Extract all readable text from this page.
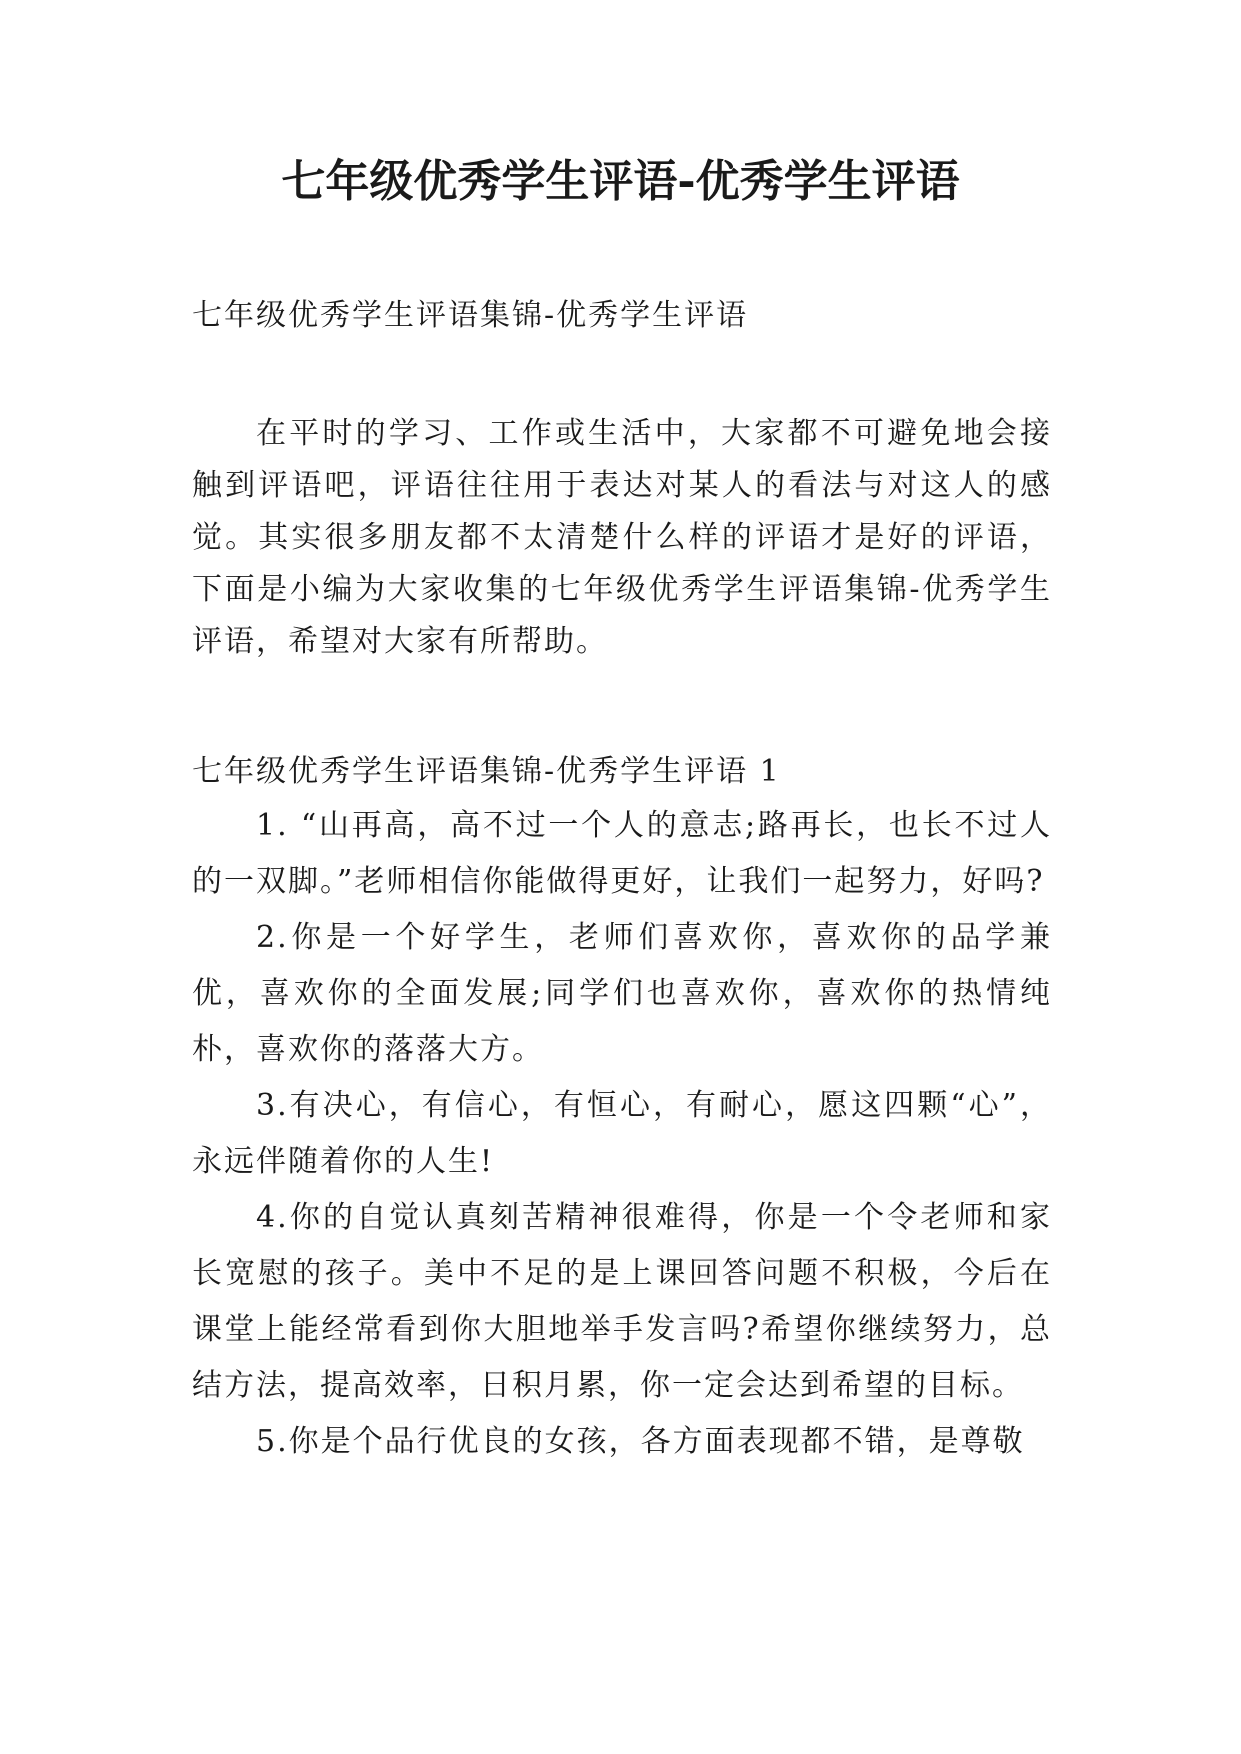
七年级优秀学生评语-优秀学生评语

七年级优秀学生评语集锦-优秀学生评语

在平时的学习、工作或生活中，大家都不可避免地会接触到评语吧，评语往往用于表达对某人的看法与对这人的感觉。其实很多朋友都不太清楚什么样的评语才是好的评语，下面是小编为大家收集的七年级优秀学生评语集锦-优秀学生评语，希望对大家有所帮助。

七年级优秀学生评语集锦-优秀学生评语 1

1. “山再高，高不过一个人的意志;路再长，也长不过人的一双脚。”老师相信你能做得更好，让我们一起努力，好吗?
2.你是一个好学生，老师们喜欢你，喜欢你的品学兼优，喜欢你的全面发展;同学们也喜欢你，喜欢你的热情纯朴，喜欢你的落落大方。
3.有决心，有信心，有恒心，有耐心，愿这四颗“心”，永远伴随着你的人生!
4.你的自觉认真刻苦精神很难得，你是一个令老师和家长宽慰的孩子。美中不足的是上课回答问题不积极，今后在课堂上能经常看到你大胆地举手发言吗?希望你继续努力，总结方法，提高效率，日积月累，你一定会达到希望的目标。
5.你是个品行优良的女孩，各方面表现都不错，是尊敬
